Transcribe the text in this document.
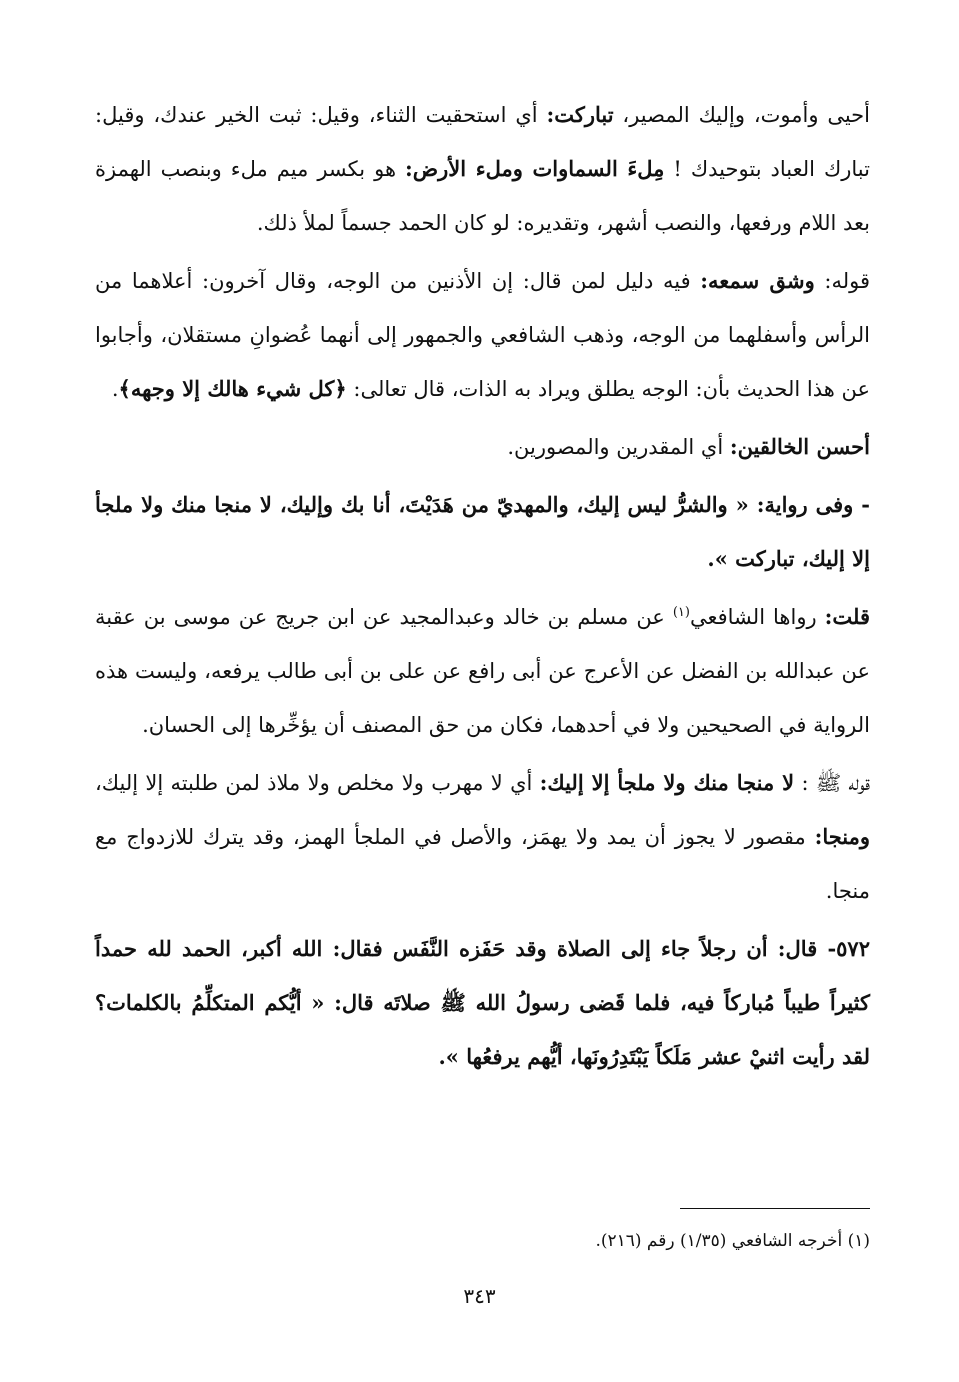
أحيى وأموت، وإليك المصير، تباركت: أي استحقيت الثناء، وقيل: ثبت الخير عندك، وقيل: تبارك العباد بتوحيدك ! مِلءَ السماوات وملء الأرض: هو بكسر ميم ملء وبنصب الهمزة بعد اللام ورفعها، والنصب أشهر، وتقديره: لو كان الحمد جسماً لملأ ذلك.

قوله: وشق سمعه: فيه دليل لمن قال: إن الأذنين من الوجه، وقال آخرون: أعلاهما من الرأس وأسفلهما من الوجه، وذهب الشافعي والجمهور إلى أنهما عُضوانِ مستقلان، وأجابوا عن هذا الحديث بأن: الوجه يطلق ويراد به الذات، قال تعالى: ﴿كل شيء هالك إلا وجهه﴾.

أحسن الخالقين: أي المقدرين والمصورين.

- وفى رواية: « والشرُّ ليس إليك، والمهديّ من هَدَيْتَ، أنا بك وإليك، لا منجا منك ولا ملجأ إلا إليك، تباركت ».

قلت: رواها الشافعي$^{(١)}$ عن مسلم بن خالد وعبدالمجيد عن ابن جريج عن موسى بن عقبة عن عبدالله بن الفضل عن الأعرج عن أبى رافع عن على بن أبى طالب يرفعه، وليست هذه الرواية في الصحيحين ولا في أحدهما، فكان من حق المصنف أن يؤخِّرها إلى الحسان.

قوله ﷺ : لا منجا منك ولا ملجأ إلا إليك: أي لا مهرب ولا مخلص ولا ملاذ لمن طلبته إلا إليك، ومنجا: مقصور لا يجوز أن يمد ولا يهمَز، والأصل في الملجأ الهمز، وقد يترك للازدواج مع منجا.

٥٧٢- قال: أن رجلاً جاء إلى الصلاة وقد حَفَزه النَّفَس فقال: الله أكبر، الحمد لله حمداً كثيراً طيباً مُباركاً فيه، فلما قَضى رسولُ الله ﷺ صلاتَه قال: « أيُّكم المتكلِّمُ بالكلمات؟ لقد رأيت اثنيْ عشر مَلَكاً يَبْتَدِرُونَها، أيُّهم يرفعُها ».

(١) أخرجه الشافعي (١/٣٥) رقم (٢١٦).
٣٤٣
